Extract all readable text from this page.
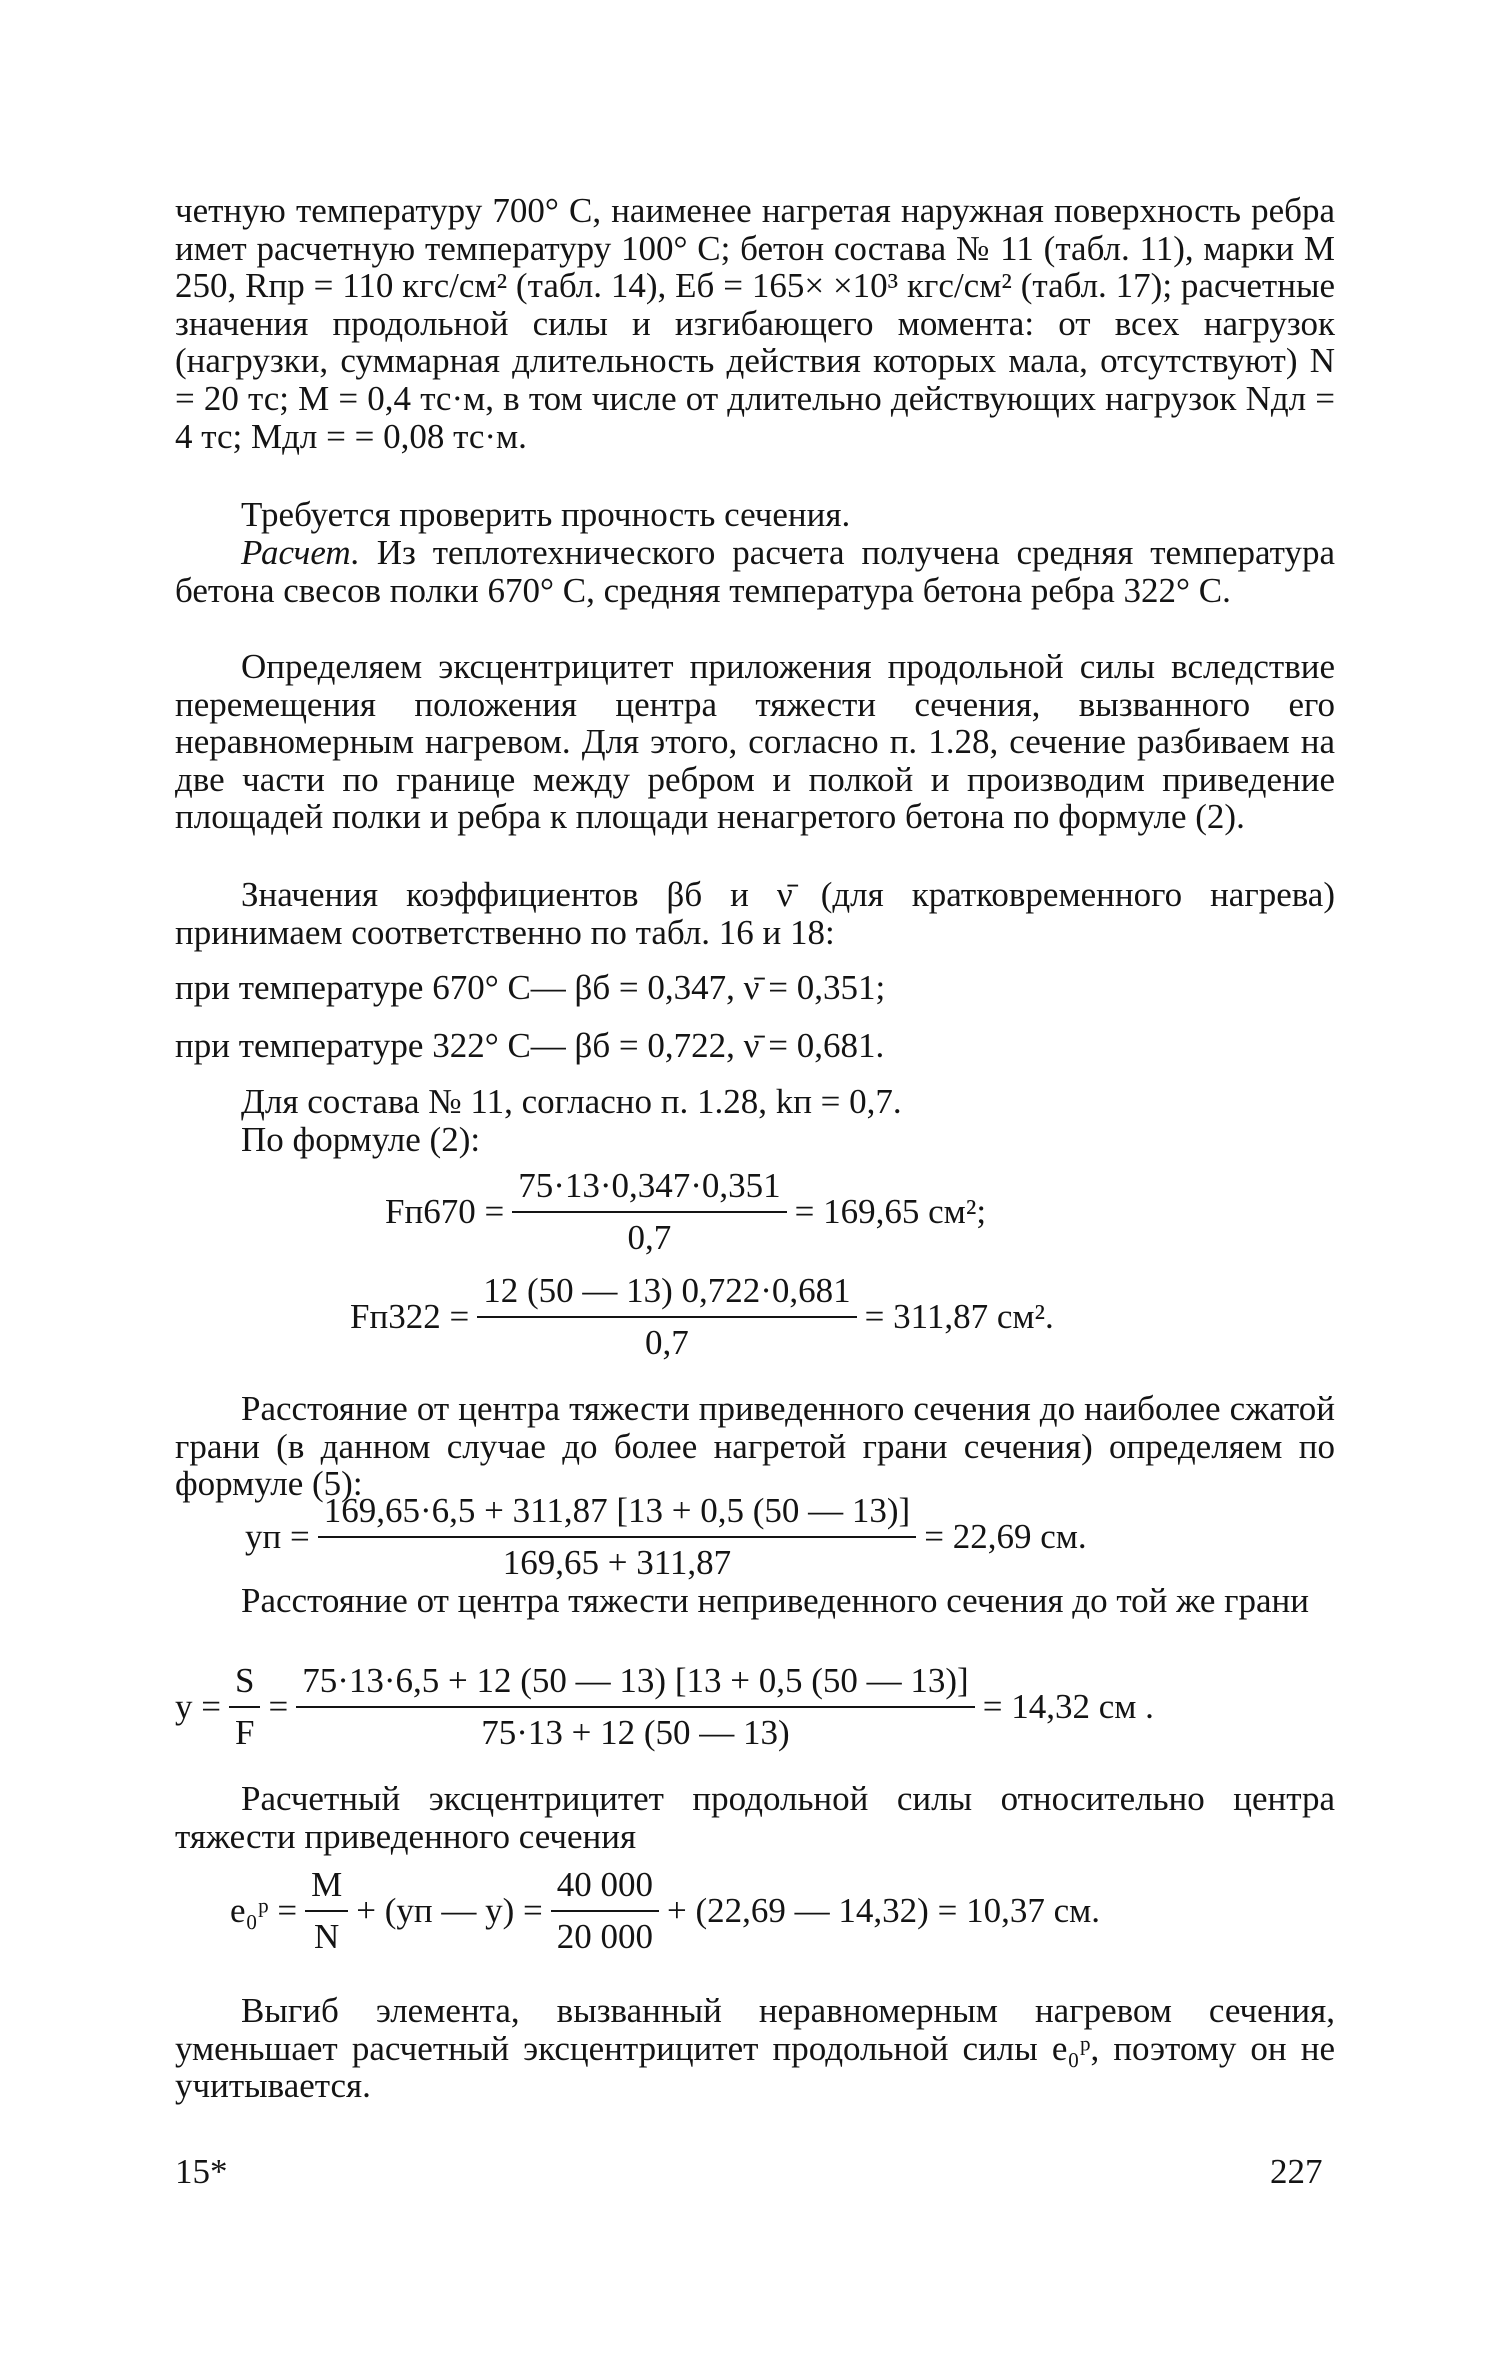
четную температуру 700° С, наименее нагретая наружная поверхность ребра имет расчетную температуру 100° С; бетон состава № 11 (табл. 11), марки М 250, Rпр = 110 кгс/см² (табл. 14), Eб = 165× ×10³ кгс/см² (табл. 17); расчетные значения продольной силы и изгибающего момента: от всех нагрузок (нагрузки, суммарная длительность действия которых мала, отсутствуют) N = 20 тс; M = 0,4 тс·м, в том числе от длительно действующих нагрузок Nдл = 4 тс; Mдл = = 0,08 тс·м.

Требуется проверить прочность сечения.

Расчет. Из теплотехнического расчета получена средняя температура бетона свесов полки 670° С, средняя температура бетона ребра 322° С.

Определяем эксцентрицитет приложения продольной силы вследствие перемещения положения центра тяжести сечения, вызванного его неравномерным нагревом. Для этого, согласно п. 1.28, сечение разбиваем на две части по границе между ребром и полкой и производим приведение площадей полки и ребра к площади ненагретого бетона по формуле (2).

Значения коэффициентов βб и ν̄ (для кратковременного нагрева) принимаем соответственно по табл. 16 и 18:

при температуре 670° С— βб = 0,347, ν̄ = 0,351;

при температуре 322° С— βб = 0,722, ν̄ = 0,681.

Для состава № 11, согласно п. 1.28, kп = 0,7.

По формуле (2):

$Fп670 = \frac{75\cdot 13\cdot 0,347\cdot 0,351}{0,7} = 169,65$ см²;
$Fп322 = \frac{12 (50 — 13) 0,722\cdot 0,681}{0,7} = 311,87$ см².

Расстояние от центра тяжести приведенного сечения до наиболее сжатой грани (в данном случае до более нагретой грани сечения) определяем по формуле (5):

yп = $\frac{169,65\cdot 6,5 + 311,87 [13 + 0,5 (50 — 13)]}{169,65 + 311,87} = 22,69$ см.

Расстояние от центра тяжести неприведенного сечения до той же грани

$y = \frac{S}{F} = \frac{75\cdot 13\cdot 6,5 + 12 (50 — 13) [13 + 0,5 (50 — 13)]}{75\cdot 13 + 12 (50 — 13)} = 14,32$ см .

Расчетный эксцентрицитет продольной силы относительно центра тяжести приведенного сечения

e₀ᵖ = $\frac{M}{N} + (yп$ — $y) = \frac{40 000}{20 000} + (22,69$ — 14,32) = 10,37 см.

Выгиб элемента, вызванный неравномерным нагревом сечения, уменьшает расчетный эксцентрицитет продольной силы e₀ᵖ, поэтому он не учитывается.

15*	227
